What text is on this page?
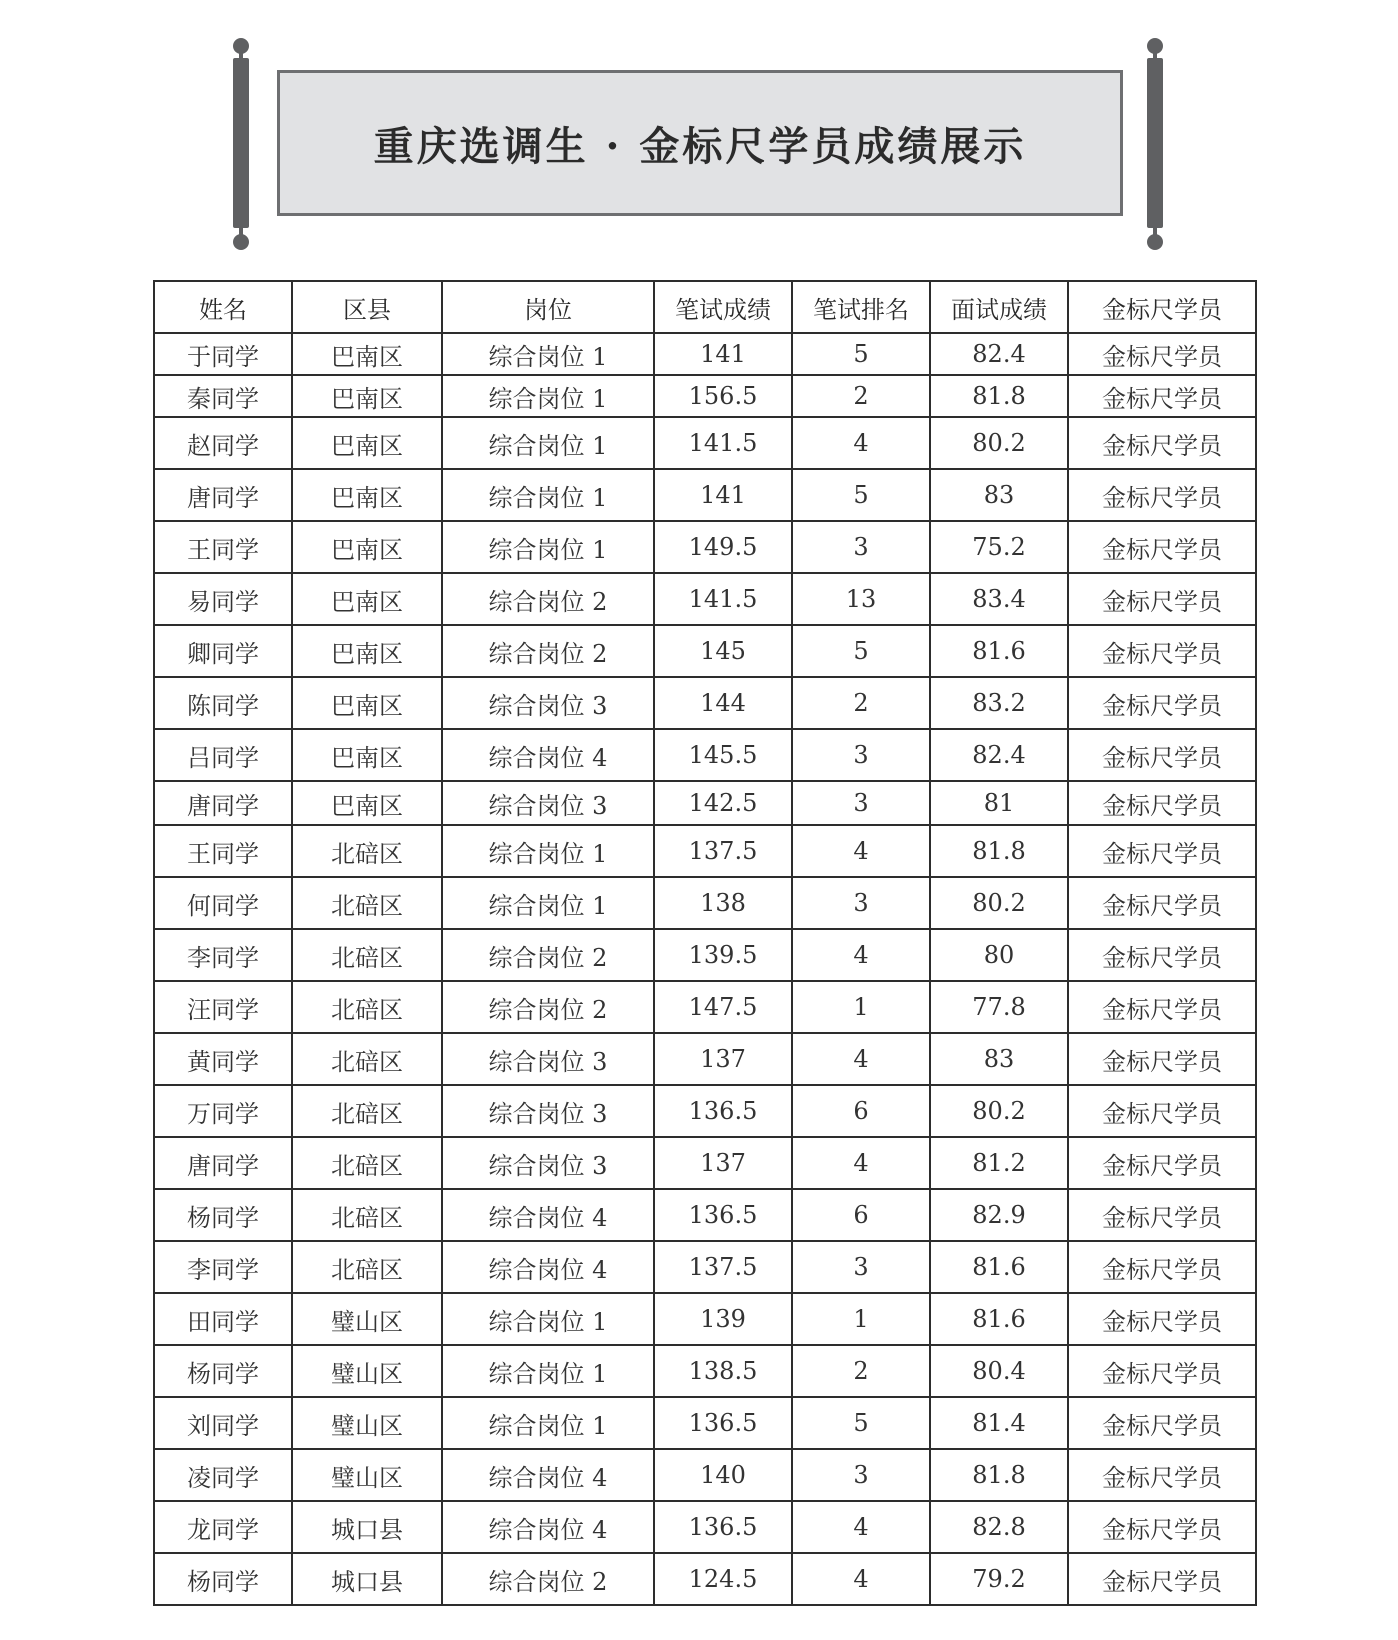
重庆选调生 · 金标尺学员成绩展示
姓名	区县	岗位	笔试成绩	笔试排名	面试成绩	金标尺学员
于同学	巴南区	综合岗位 1	141	5	82.4	金标尺学员
秦同学	巴南区	综合岗位 1	156.5	2	81.8	金标尺学员
赵同学	巴南区	综合岗位 1	141.5	4	80.2	金标尺学员
唐同学	巴南区	综合岗位 1	141	5	83	金标尺学员
王同学	巴南区	综合岗位 1	149.5	3	75.2	金标尺学员
易同学	巴南区	综合岗位 2	141.5	13	83.4	金标尺学员
卿同学	巴南区	综合岗位 2	145	5	81.6	金标尺学员
陈同学	巴南区	综合岗位 3	144	2	83.2	金标尺学员
吕同学	巴南区	综合岗位 4	145.5	3	82.4	金标尺学员
唐同学	巴南区	综合岗位 3	142.5	3	81	金标尺学员
王同学	北碚区	综合岗位 1	137.5	4	81.8	金标尺学员
何同学	北碚区	综合岗位 1	138	3	80.2	金标尺学员
李同学	北碚区	综合岗位 2	139.5	4	80	金标尺学员
汪同学	北碚区	综合岗位 2	147.5	1	77.8	金标尺学员
黄同学	北碚区	综合岗位 3	137	4	83	金标尺学员
万同学	北碚区	综合岗位 3	136.5	6	80.2	金标尺学员
唐同学	北碚区	综合岗位 3	137	4	81.2	金标尺学员
杨同学	北碚区	综合岗位 4	136.5	6	82.9	金标尺学员
李同学	北碚区	综合岗位 4	137.5	3	81.6	金标尺学员
田同学	璧山区	综合岗位 1	139	1	81.6	金标尺学员
杨同学	璧山区	综合岗位 1	138.5	2	80.4	金标尺学员
刘同学	璧山区	综合岗位 1	136.5	5	81.4	金标尺学员
凌同学	璧山区	综合岗位 4	140	3	81.8	金标尺学员
龙同学	城口县	综合岗位 4	136.5	4	82.8	金标尺学员
杨同学	城口县	综合岗位 2	124.5	4	79.2	金标尺学员
